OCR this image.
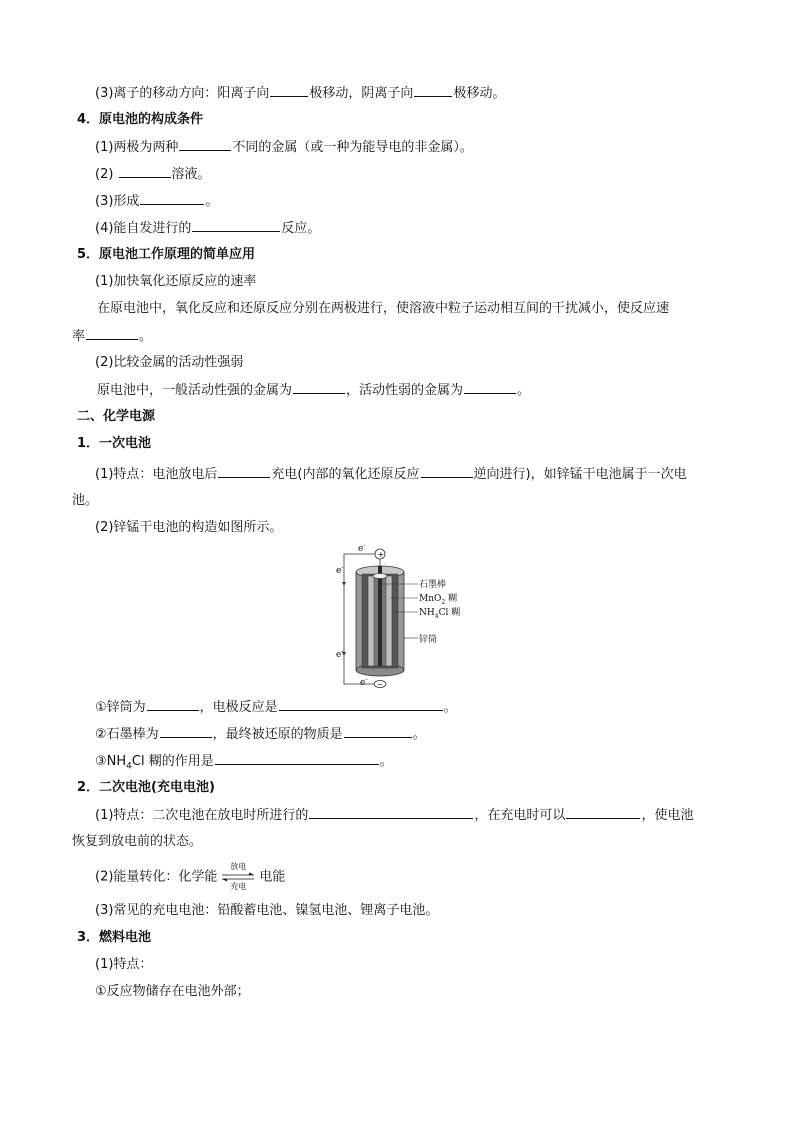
(3)离子的移动方向：阳离子向	极移动，阴离子向	极移动。
4．原电池的构成条件
(1)两极为两种	不同的金属（或一种为能导电的非金属）。
(2)	溶液。
(3)形成	。
(4)能自发进行的	反应。
5．原电池工作原理的简单应用
(1)加快氧化还原反应的速率
在原电池中，氧化反应和还原反应分别在两极进行，使溶液中粒子运动相互间的干扰减小，使反应速
率	。
(2)比较金属的活动性强弱
原电池中，一般活动性强的金属为	，活动性弱的金属为	。
二、化学电源
1．一次电池
(1)特点：电池放电后	充电(内部的氧化还原反应	逆向进行)，如锌锰干电池属于一次电
池。
(2)锌锰干电池的构造如图所示。
+
−
e-
e-
e-
e-
石墨棒
MnO$_2$ 糊
$NH_4Cl$ 糊
锌筒
①锌筒为	，电极反应是	。
②石墨棒为	，最终被还原的物质是	。
$③NH_4Cl$ 糊的作用是	。
2．二次电池(充电电池)
(1)特点：二次电池在放电时所进行的	，在充电时可以	，使电池
恢复到放电前的状态。
(2)能量转化：化学能
放电
充电
电能
(3)常见的充电电池：铅酸蓄电池、镍氢电池、锂离子电池。
3．燃料电池
(1)特点：
①反应物储存在电池外部；
